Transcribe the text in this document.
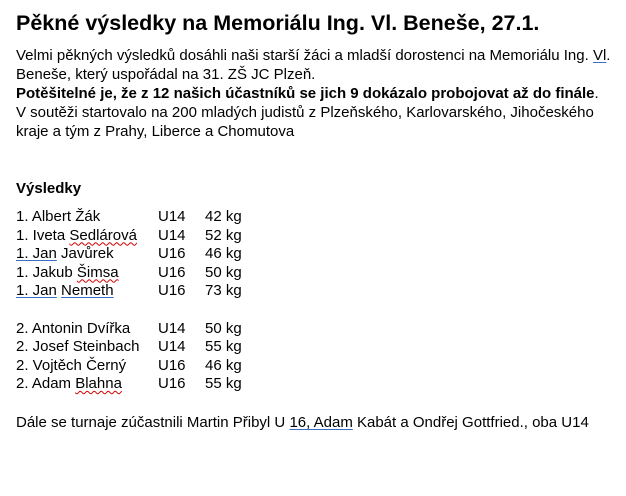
Pěkné výsledky na Memoriálu Ing. Vl. Beneše, 27.1.

Velmi pěkných výsledků dosáhli naši starší žáci a mladší dorostenci na Memoriálu Ing. Vl. Beneše, který uspořádal na 31. ZŠ JC Plzeň.

Potěšitelné je, že z 12 našich účastníků se jich 9 dokázalo probojovat až do finále.

V soutěži startovalo na 200 mladých judistů z Plzeňského, Karlovarského, Jihočeského kraje a tým z Prahy, Liberce a Chomutova

Výsledky

1. Albert Žák	U14	42 kg
1. Iveta Sedlárová	U14	52 kg
1. Jan Javůrek	U16	46 kg
1. Jakub Šimsa	U16	50 kg
1. Jan Nemeth	U16	73 kg
2. Antonin Dvířka	U14	50 kg
2. Josef Steinbach	U14	55 kg
2. Vojtěch Černý	U16	46 kg
2. Adam Blahna	U16	55 kg

Dále se turnaje zúčastnili Martin Přibyl U 16, Adam Kabát a Ondřej Gottfried., oba U14
